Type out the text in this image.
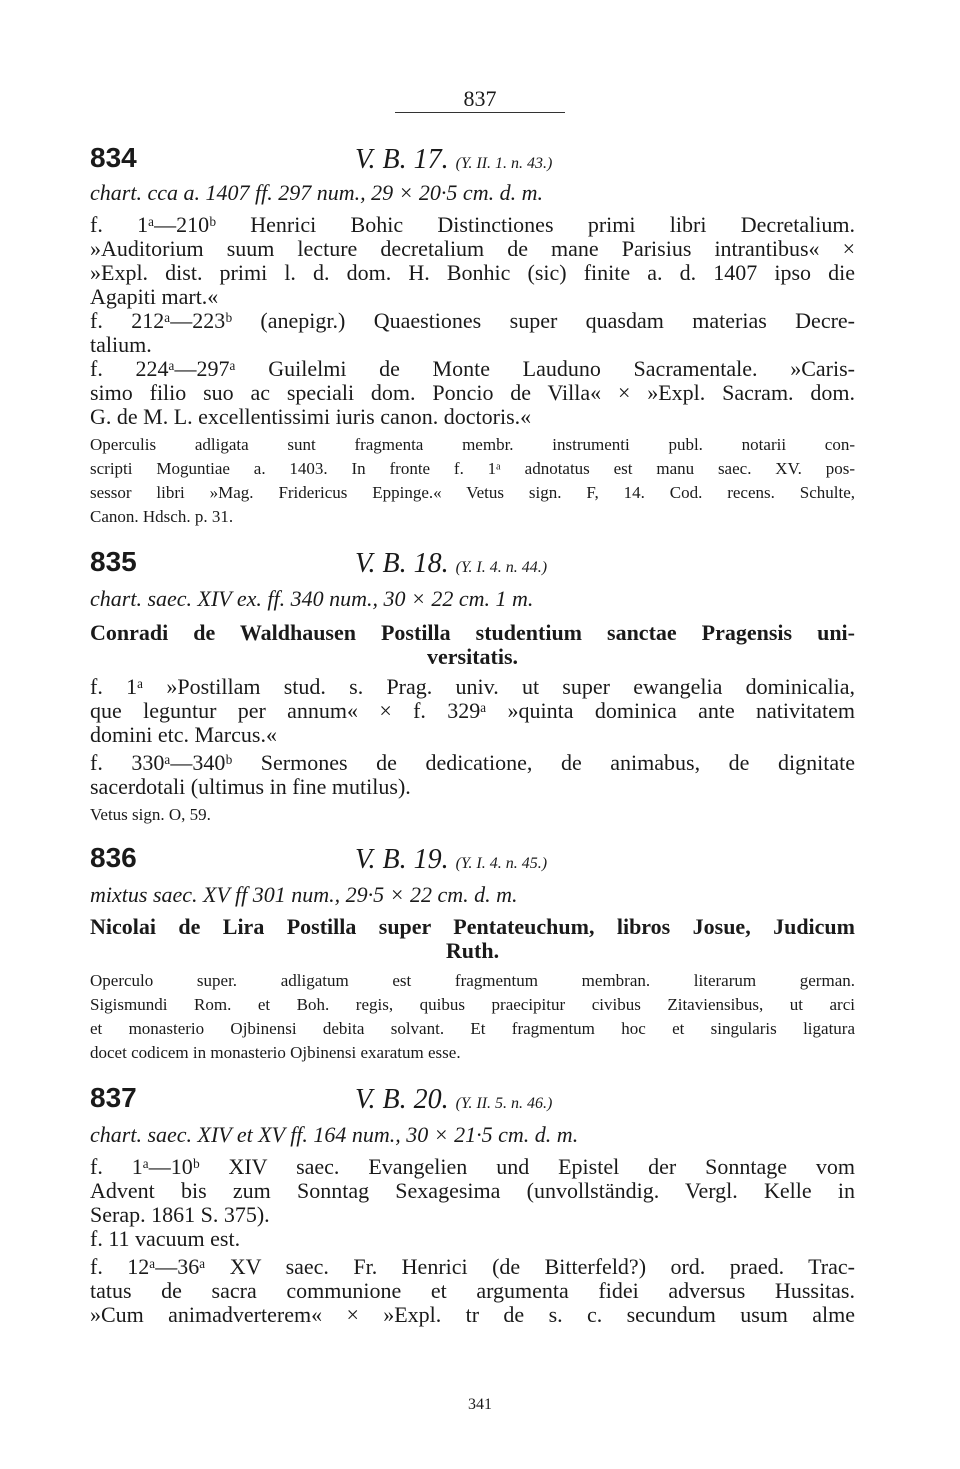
837
834	V. B. 17. (Y. II. 1. n. 43.)
chart. cca a. 1407 ff. 297 num., 29 × 20·5 cm. d. m.
f. 1ᵃ—210ᵇ Henrici Bohic Distinctiones primi libri Decretalium.
»Auditorium suum lecture decretalium de mane Parisius intrantibus« ×
»Expl. dist. primi l. d. dom. H. Bonhic (sic) finite a. d. 1407 ipso die
Agapiti mart.«
f. 212ᵃ—223ᵇ (anepigr.) Quaestiones super quasdam materias Decre-
talium.
f. 224ᵃ—297ᵃ Guilelmi de Monte Lauduno Sacramentale. »Caris-
simo filio suo ac speciali dom. Poncio de Villa« × »Expl. Sacram. dom.
G. de M. L. excellentissimi iuris canon. doctoris.«
Operculis adligata sunt fragmenta membr. instrumenti publ. notarii con-
scripti Moguntiae a. 1403. In fronte f. 1ᵃ adnotatus est manu saec. XV. pos-
sessor libri »Mag. Fridericus Eppinge.« Vetus sign. F, 14. Cod. recens. Schulte,
Canon. Hdsch. p. 31.
835	V. B. 18. (Y. I. 4. n. 44.)
chart. saec. XIV ex. ff. 340 num., 30 × 22 cm. 1 m.
Conradi de Waldhausen Postilla studentium sanctae Pragensis uni-
versitatis.
f. 1ᵃ »Postillam stud. s. Prag. univ. ut super ewangelia dominicalia,
que leguntur per annum« × f. 329ᵃ »quinta dominica ante nativitatem
domini etc. Marcus.«
f. 330ᵃ—340ᵇ Sermones de dedicatione, de animabus, de dignitate
sacerdotali (ultimus in fine mutilus).
Vetus sign. O, 59.
836	V. B. 19. (Y. I. 4. n. 45.)
mixtus saec. XV ff 301 num., 29·5 × 22 cm. d. m.
Nicolai de Lira Postilla super Pentateuchum, libros Josue, Judicum
Ruth.
Operculo super. adligatum est fragmentum membran. literarum german.
Sigismundi Rom. et Boh. regis, quibus praecipitur civibus Zitaviensibus, ut arci
et monasterio Ojbinensi debita solvant. Et fragmentum hoc et singularis ligatura
docet codicem in monasterio Ojbinensi exaratum esse.
837	V. B. 20. (Y. II. 5. n. 46.)
chart. saec. XIV et XV ff. 164 num., 30 × 21·5 cm. d. m.
f. 1ᵃ—10ᵇ XIV saec. Evangelien und Epistel der Sonntage vom
Advent bis zum Sonntag Sexagesima (unvollständig. Vergl. Kelle in
Serap. 1861 S. 375).
f. 11 vacuum est.
f. 12ᵃ—36ᵃ XV saec. Fr. Henrici (de Bitterfeld?) ord. praed. Trac-
tatus de sacra communione et argumenta fidei adversus Hussitas.
»Cum animadverterem« × »Expl. tr de s. c. secundum usum alme
341
